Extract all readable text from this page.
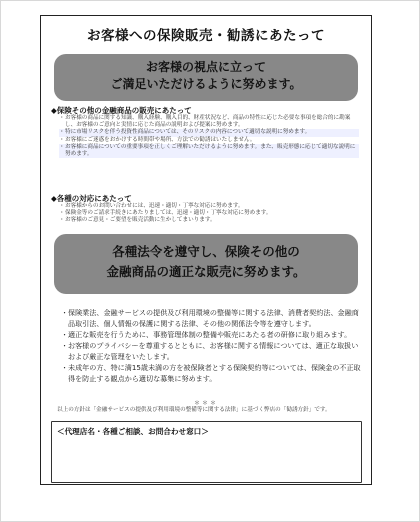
お客様への保険販売・勧誘にあたって
お客様の視点に立って
ご満足いただけるように努めます。
◆保険その他の金融商品の販売にあたって
・ お客様の商品に関する知識、購入経験、購入目的、財産状況など、商品の特性に応じた必要な事項を総合的に勘案し、お客様のご意向と実情に応じた商品の説明および提案に努めます。
・ 特に市場リスクを伴う投資性商品については、そのリスクの内容について適切な説明に努めます。
・ お客様にご迷惑をおかけする時間帯や場所、方法での勧誘はいたしません。
・ お客様に商品についての重要事項を正しくご理解いただけるように努めます。また、販売形態に応じて適切な説明に努めます。
◆各種の対応にあたって
・ お客様からのお問い合わせには、迅速・適切・丁寧な対応に努めます。
・ 保険金等のご請求手続きにあたりましては、迅速・適切・丁寧な対応に努めます。
・ お客様のご意見・ご要望を販売活動に生かしてまいります。
各種法令を遵守し、保険その他の
金融商品の適正な販売に努めます。
・ 保険業法、金融サービスの提供及び利用環境の整備等に関する法律、消費者契約法、金融商品取引法、個人情報の保護に関する法律、その他の関係法令等を遵守します。
・ 適正な販売を行うために、事務管理体制の整備や販売にあたる者の研修に取り組みます。
・ お客様のプライバシーを尊重するとともに、お客様に関する情報については、適正な取扱いおよび厳正な管理をいたします。
・ 未成年の方、特に満15歳未満の方を被保険者とする保険契約等については、保険金の不正取得を防止する観点から適切な募集に努めます。
＊＊＊
以上の方針は「金融サービスの提供及び利用環境の整備等に関する法律」に基づく弊店の「勧誘方針」です。
＜代理店名・各種ご相談、お問合わせ窓口＞
